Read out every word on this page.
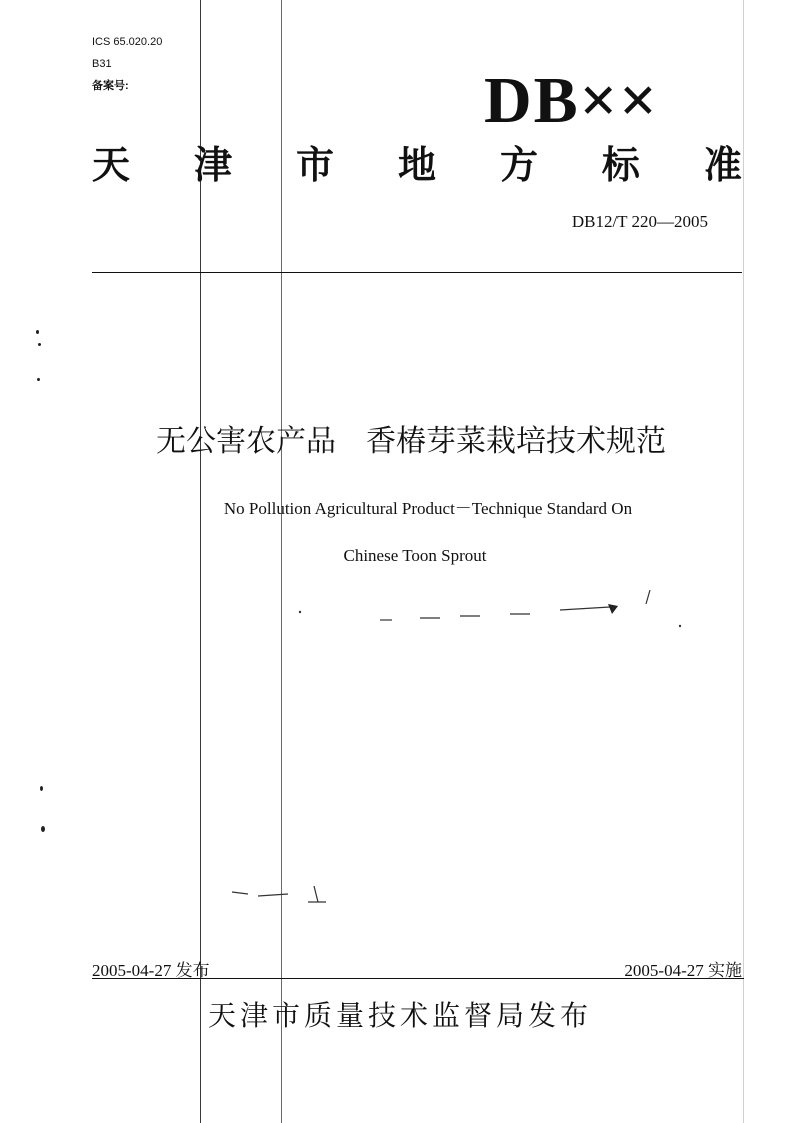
ICS 65.020.20
B31
备案号:	DB××
天 津 市 地 方 标 准
DB12/T 220—2005
无公害农产品　香椿芽菜栽培技术规范
No Pollution Agricultural Product－Technique Standard On
Chinese Toon Sprout
2005-04-27 发布	2005-04-27 实施
天津市质量技术监督局发布
